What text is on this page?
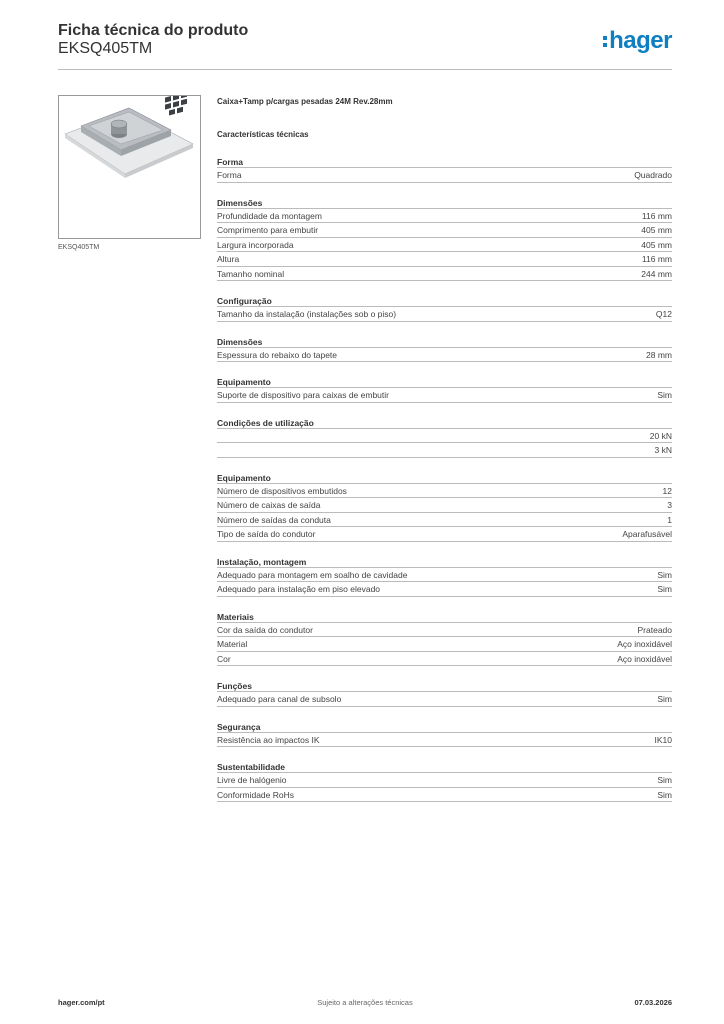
Ficha técnica do produto
EKSQ405TM	hager
EKSQ405TM
Caixa+Tamp p/cargas pesadas 24M Rev.28mm
Características técnicas
Forma
Forma	Quadrado
Dimensões
Profundidade da montagem	116 mm
Comprimento para embutir	405 mm
Largura incorporada	405 mm
Altura	116 mm
Tamanho nominal	244 mm
Configuração
Tamanho da instalação (instalações sob o piso)	Q12
Dimensões
Espessura do rebaixo do tapete	28 mm
Equipamento
Suporte de dispositivo para caixas de embutir	Sim
Condições de utilização
20 kN
3 kN
Equipamento
Número de dispositivos embutidos	12
Número de caixas de saída	3
Número de saídas da conduta	1
Tipo de saída do condutor	Aparafusável
Instalação, montagem
Adequado para montagem em soalho de cavidade	Sim
Adequado para instalação em piso elevado	Sim
Materiais
Cor da saída do condutor	Prateado
Material	Aço inoxidável
Cor	Aço inoxidável
Funções
Adequado para canal de subsolo	Sim
Segurança
Resistência ao impactos IK	IK10
Sustentabilidade
Livre de halógenio	Sim
Conformidade RoHs	Sim
hager.com/pt	Sujeito a alterações técnicas	07.03.2026
